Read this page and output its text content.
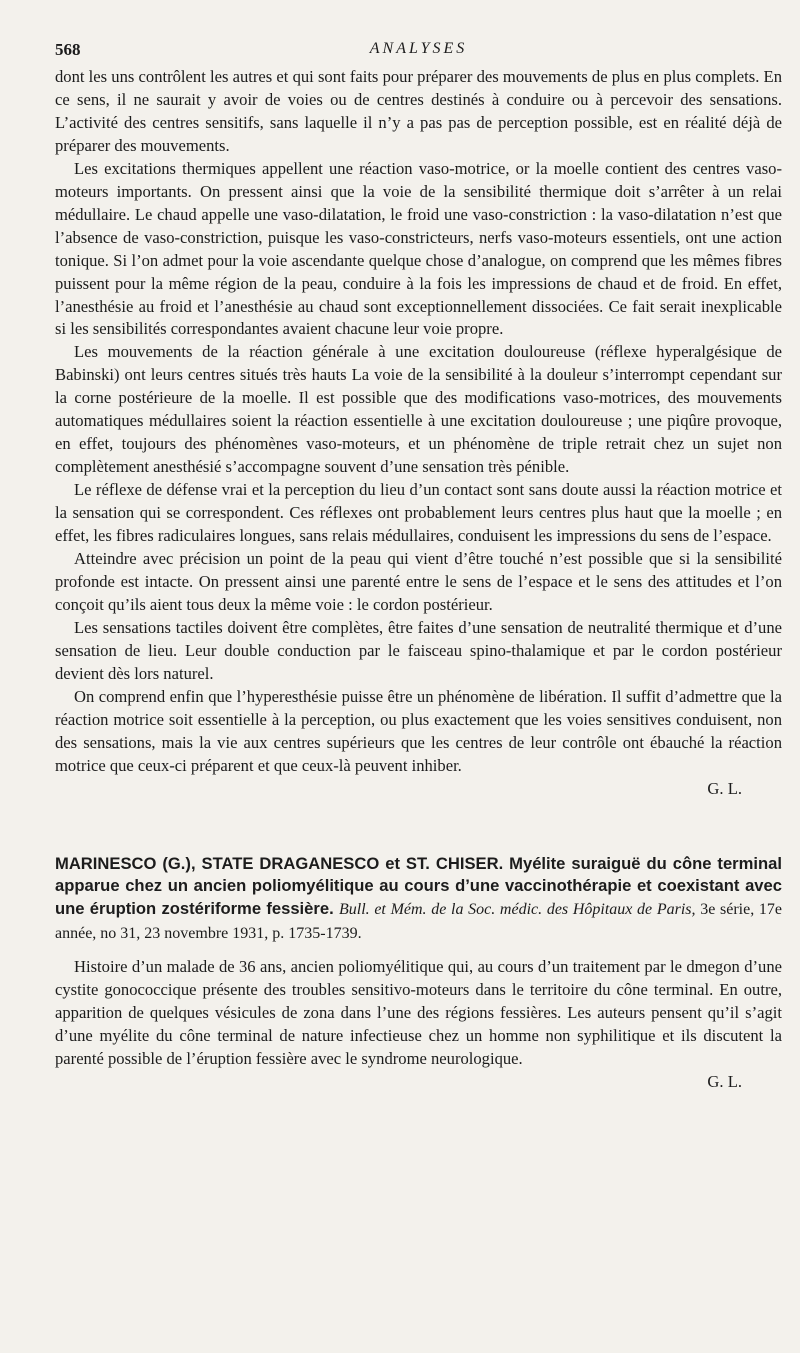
568	ANALYSES

dont les uns contrôlent les autres et qui sont faits pour préparer des mouvements de plus en plus complets. En ce sens, il ne saurait y avoir de voies ou de centres destinés à conduire ou à percevoir des sensations. L’activité des centres sensitifs, sans laquelle il n’y a pas pas de perception possible, est en réalité déjà de préparer des mouvements.

Les excitations thermiques appellent une réaction vaso-motrice, or la moelle contient des centres vaso-moteurs importants. On pressent ainsi que la voie de la sensibilité thermique doit s’arrêter à un relai médullaire. Le chaud appelle une vaso-dilatation, le froid une vaso-constriction : la vaso-dilatation n’est que l’absence de vaso-constriction, puisque les vaso-constricteurs, nerfs vaso-moteurs essentiels, ont une action tonique. Si l’on admet pour la voie ascendante quelque chose d’analogue, on comprend que les mêmes fibres puissent pour la même région de la peau, conduire à la fois les impressions de chaud et de froid. En effet, l’anesthésie au froid et l’anesthésie au chaud sont exceptionnellement dissociées. Ce fait serait inexplicable si les sensibilités correspondantes avaient chacune leur voie propre.

Les mouvements de la réaction générale à une excitation douloureuse (réflexe hyperalgésique de Babinski) ont leurs centres situés très hauts La voie de la sensibilité à la douleur s’interrompt cependant sur la corne postérieure de la moelle. Il est possible que des modifications vaso-motrices, des mouvements automatiques médullaires soient la réaction essentielle à une excitation douloureuse ; une piqûre provoque, en effet, toujours des phénomènes vaso-moteurs, et un phénomène de triple retrait chez un sujet non complètement anesthésié s’accompagne souvent d’une sensation très pénible.

Le réflexe de défense vrai et la perception du lieu d’un contact sont sans doute aussi la réaction motrice et la sensation qui se correspondent. Ces réflexes ont probablement leurs centres plus haut que la moelle ; en effet, les fibres radiculaires longues, sans relais médullaires, conduisent les impressions du sens de l’espace.

Atteindre avec précision un point de la peau qui vient d’être touché n’est possible que si la sensibilité profonde est intacte. On pressent ainsi une parenté entre le sens de l’espace et le sens des attitudes et l’on conçoit qu’ils aient tous deux la même voie : le cordon postérieur.

Les sensations tactiles doivent être complètes, être faites d’une sensation de neutralité thermique et d’une sensation de lieu. Leur double conduction par le faisceau spino-thalamique et par le cordon postérieur devient dès lors naturel.

On comprend enfin que l’hyperesthésie puisse être un phénomène de libération. Il suffit d’admettre que la réaction motrice soit essentielle à la perception, ou plus exactement que les voies sensitives conduisent, non des sensations, mais la vie aux centres supérieurs que les centres de leur contrôle ont ébauché la réaction motrice que ceux-ci préparent et que ceux-là peuvent inhiber.
G. L.

MARINESCO (G.), STATE DRAGANESCO et ST. CHISER. Myélite suraiguë du cône terminal apparue chez un ancien poliomyélitique au cours d’une vaccinothérapie et coexistant avec une éruption zostériforme fessière. Bull. et Mém. de la Soc. médic. des Hôpitaux de Paris, 3e série, 17e année, no 31, 23 novembre 1931, p. 1735-1739.

Histoire d’un malade de 36 ans, ancien poliomyélitique qui, au cours d’un traitement par le dmegon d’une cystite gonococcique présente des troubles sensitivo-moteurs dans le territoire du cône terminal. En outre, apparition de quelques vésicules de zona dans l’une des régions fessières. Les auteurs pensent qu’il s’agit d’une myélite du cône terminal de nature infectieuse chez un homme non syphilitique et ils discutent la parenté possible de l’éruption fessière avec le syndrome neurologique.
G. L.
